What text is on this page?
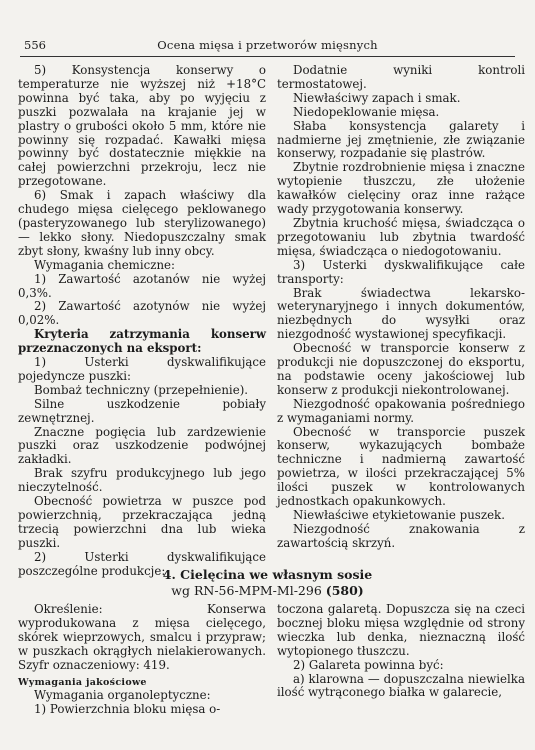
556	Ocena mięsa i przetworów mięsnych

5) Konsystencja konserwy o temperaturze nie wyższej niż +18°C powinna być taka, aby po wyjęciu z puszki pozwalała na krajanie jej w plastry o grubości około 5 mm, które nie powinny się rozpadać. Kawałki mięsa powinny być dostatecznie miękkie na całej powierzchni przekroju, lecz nie przegotowane.

6) Smak i zapach właściwy dla chudego mięsa cielęcego peklowanego (pasteryzowanego lub sterylizowanego) — lekko słony. Niedopuszczalny smak zbyt słony, kwaśny lub inny obcy.

Wymagania chemiczne:

1) Zawartość azotanów nie wyżej 0,3%.

2) Zawartość azotynów nie wyżej 0,02%.

Kryteria zatrzymania konserw przeznaczonych na eksport:

1) Usterki dyskwalifikujące pojedyncze puszki:

Bombaż techniczny (przepełnienie).

Silne uszkodzenie pobiały zewnętrznej.

Znaczne pogięcia lub zardzewienie puszki oraz uszkodzenie podwójnej zakładki.

Brak szyfru produkcyjnego lub jego nieczytelność.

Obecność powietrza w puszce pod powierzchnią, przekraczająca jedną trzecią powierzchni dna lub wieka puszki.

2) Usterki dyskwalifikujące poszczególne produkcje:

Dodatnie wyniki kontroli termostatowej.

Niewłaściwy zapach i smak.

Niedopeklowanie mięsa.

Słaba konsystencja galarety i nadmierne jej zmętnienie, złe związanie konserwy, rozpadanie się plastrów.

Zbytnie rozdrobnienie mięsa i znaczne wytopienie tłuszczu, złe ułożenie kawałków cielęciny oraz inne rażące wady przygotowania konserwy.

Zbytnia kruchość mięsa, świadcząca o przegotowaniu lub zbytnia twardość mięsa, świadcząca o niedogotowaniu.

3) Usterki dyskwalifikujące całe transporty:

Brak świadectwa lekarsko-weterynaryjnego i innych dokumentów, niezbędnych do wysyłki oraz niezgodność wystawionej specyfikacji.

Obecność w transporcie konserw z produkcji nie dopuszczonej do eksportu, na podstawie oceny jakościowej lub konserw z produkcji niekontrolowanej.

Niezgodność opakowania pośredniego z wymaganiami normy.

Obecność w transporcie puszek konserw, wykazujących bombaże techniczne i nadmierną zawartość powietrza, w ilości przekraczającej 5% ilości puszek w kontrolowanych jednostkach opakunkowych.

Niewłaściwe etykietowanie puszek.

Niezgodność znakowania z zawartością skrzyń.

4. Cielęcina we własnym sosie
wg RN-56-MPM-Ml-296 (580)

Określenie: Konserwa wyprodukowana z mięsa cielęcego, skórek wieprzowych, smalcu i przypraw; w puszkach okrągłych nielakierowanych. Szyfr oznaczeniowy: 419.

Wymagania jakościowe

Wymagania organoleptyczne:

1) Powierzchnia bloku mięsa o-

toczona galaretą. Dopuszcza się na czeci bocznej bloku mięsa względnie od strony wieczka lub denka, nieznaczną ilość wytopionego tłuszczu.

2) Galareta powinna być:

a) klarowna — dopuszczalna niewielka ilość wytrąconego białka w galarecie,
